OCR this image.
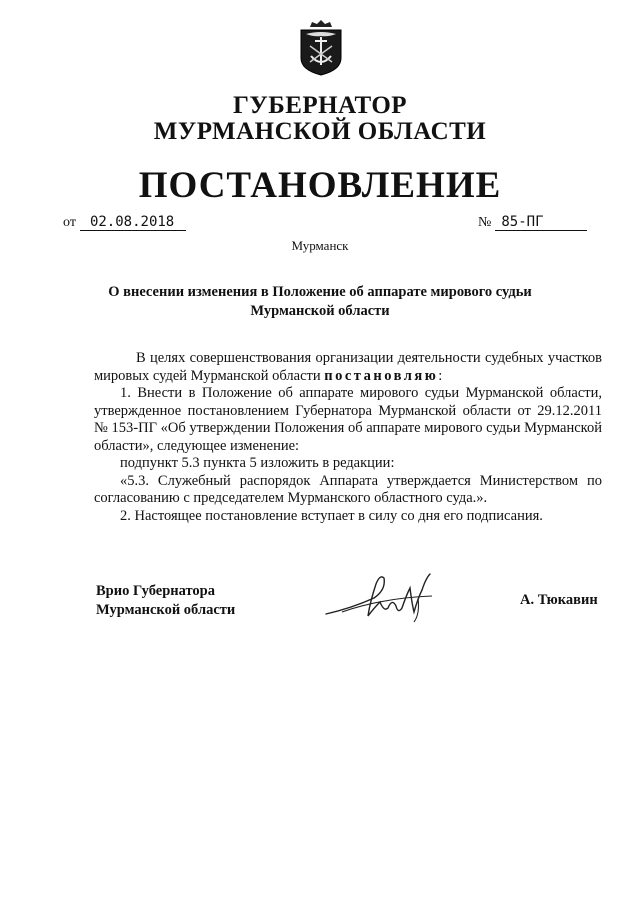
ГУБЕРНАТОР
МУРМАНСКОЙ ОБЛАСТИ
ПОСТАНОВЛЕНИЕ
от 02.08.2018	№ 85-ПГ
Мурманск
О внесении изменения в Положение об аппарате мирового судьи
Мурманской области

В целях совершенствования организации деятельности судебных участков мировых судей Мурманской области постановляю:

1. Внести в Положение об аппарате мирового судьи Мурманской области, утвержденное постановлением Губернатора Мурманской области от 29.12.2011 № 153-ПГ «Об утверждении Положения об аппарате мирового судьи Мурманской области», следующее изменение:

подпункт 5.3 пункта 5 изложить в редакции:

«5.3. Служебный распорядок Аппарата утверждается Министерством по согласованию с председателем Мурманского областного суда.».

2. Настоящее постановление вступает в силу со дня его подписания.

Врио Губернатора
Мурманской области
А. Тюкавин
